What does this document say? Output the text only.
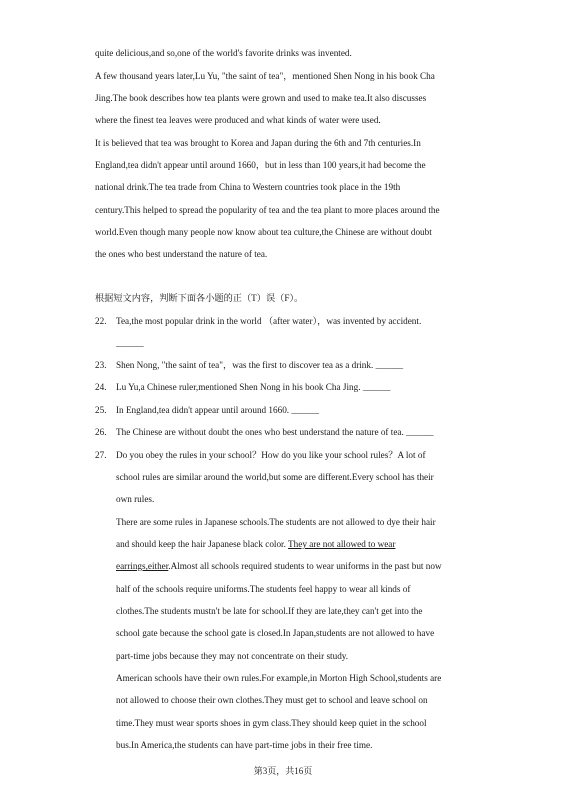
quite delicious,and so,one of the world's favorite drinks was invented.
A few thousand years later,Lu Yu, "the saint of tea"，mentioned Shen Nong in his book Cha
Jing.The book describes how tea plants were grown and used to make tea.It also discusses
where the finest tea leaves were produced and what kinds of water were used.
It is believed that tea was brought to Korea and Japan during the 6th and 7th centuries.In
England,tea didn't appear until around 1660，but in less than 100 years,it had become the
national drink.The tea trade from China to Western countries took place in the 19th
century.This helped to spread the popularity of tea and the tea plant to more places around the
world.Even though many people now know about tea culture,the Chinese are without doubt
the ones who best understand the nature of tea.
根据短文内容，判断下面各小题的正（T）误（F）。
22. Tea,the most popular drink in the world （after water），was invented by accident.
______
23. Shen Nong, "the saint of tea"，was the first to discover tea as a drink. ______
24. Lu Yu,a Chinese ruler,mentioned Shen Nong in his book Cha Jing. ______
25. In England,tea didn't appear until around 1660. ______
26. The Chinese are without doubt the ones who best understand the nature of tea. ______
27. Do you obey the rules in your school？How do you like your school rules？A lot of
school rules are similar around the world,but some are different.Every school has their
own rules.
There are some rules in Japanese schools.The students are not allowed to dye their hair
and should keep the hair Japanese black color. They are not allowed to wear
earrings,either.Almost all schools required students to wear uniforms in the past but now
half of the schools require uniforms.The students feel happy to wear all kinds of
clothes.The students mustn't be late for school.If they are late,they can't get into the
school gate because the school gate is closed.In Japan,students are not allowed to have
part-time jobs because they may not concentrate on their study.
American schools have their own rules.For example,in Morton High School,students are
not allowed to choose their own clothes.They must get to school and leave school on
time.They must wear sports shoes in gym class.They should keep quiet in the school
bus.In America,the students can have part-time jobs in their free time.
第3页，共16页
